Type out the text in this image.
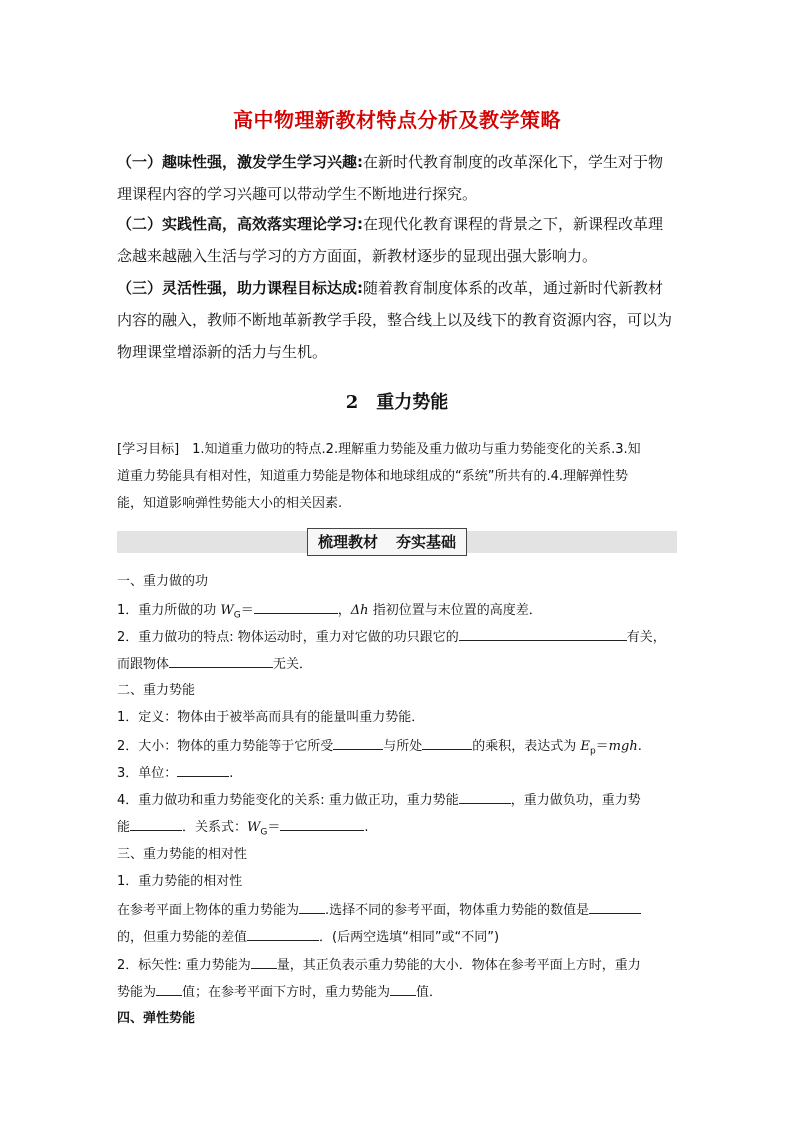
高中物理新教材特点分析及教学策略
（一）趣味性强，激发学生学习兴趣:在新时代教育制度的改革深化下，学生对于物理课程内容的学习兴趣可以带动学生不断地进行探究。
（二）实践性高，高效落实理论学习:在现代化教育课程的背景之下，新课程改革理念越来越融入生活与学习的方方面面，新教材逐步的显现出强大影响力。
（三）灵活性强，助力课程目标达成:随着教育制度体系的改革，通过新时代新教材内容的融入，教师不断地革新教学手段，整合线上以及线下的教育资源内容，可以为物理课堂增添新的活力与生机。
2 重力势能
[学习目标]　1.知道重力做功的特点.2.理解重力势能及重力做功与重力势能变化的关系.3.知
道重力势能具有相对性，知道重力势能是物体和地球组成的“系统”所共有的.4.理解弹性势
能，知道影响弹性势能大小的相关因素.
梳理教材 夯实基础
一、重力做的功
1．重力所做的功 $W_G=$	，Δh 指初位置与末位置的高度差．
2．重力做功的特点: 物体运动时，重力对它做的功只跟它的	有关，
而跟物体	无关．
二、重力势能
1．定义：物体由于被举高而具有的能量叫重力势能．
2．大小：物体的重力势能等于它所受	与所处	的乘积，表达式为 $E_p=mgh$.
3．单位：	.
4．重力做功和重力势能变化的关系: 重力做正功，重力势能	，重力做负功，重力势
能	．关系式：$W_G=$	.
三、重力势能的相对性
1．重力势能的相对性
在参考平面上物体的重力势能为 .选择不同的参考平面，物体重力势能的数值是
的，但重力势能的差值	．(后两空选填“相同”或“不同”)
2．标矢性: 重力势能为 量，其正负表示重力势能的大小．物体在参考平面上方时，重力
势能为 值；在参考平面下方时，重力势能为 值．
四、弹性势能
